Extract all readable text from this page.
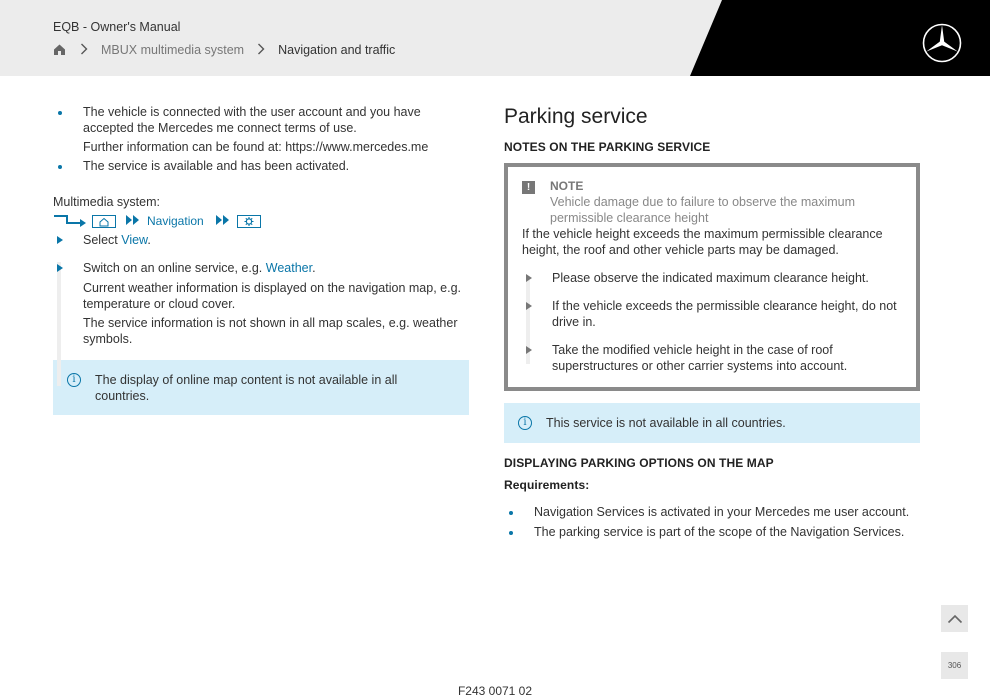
EQB - Owner's Manual
MBUX multimedia system	Navigation and traffic
The vehicle is connected with the user account and you have accepted the Mercedes me connect terms of use.
Further information can be found at: https://www.mercedes.me
The service is available and has been activated.
Multimedia system:
Navigation
Select View.
Switch on an online service, e.g. Weather.
Current weather information is displayed on the navigation map, e.g. temperature or cloud cover.
The service information is not shown in all map scales, e.g. weather symbols.
i	The display of online map content is not available in all countries.
Parking service
NOTES ON THE PARKING SERVICE
!	NOTE
Vehicle damage due to failure to observe the maximum permissible clearance height
If the vehicle height exceeds the maximum permissible clearance height, the roof and other vehicle parts may be damaged.
Please observe the indicated maximum clearance height.
If the vehicle exceeds the permissible clearance height, do not drive in.
Take the modified vehicle height in the case of roof superstructures or other carrier systems into account.
i	This service is not available in all countries.
DISPLAYING PARKING OPTIONS ON THE MAP
Requirements:
Navigation Services is activated in your Mercedes me user account.
The parking service is part of the scope of the Navigation Services.
306
F243 0071 02
